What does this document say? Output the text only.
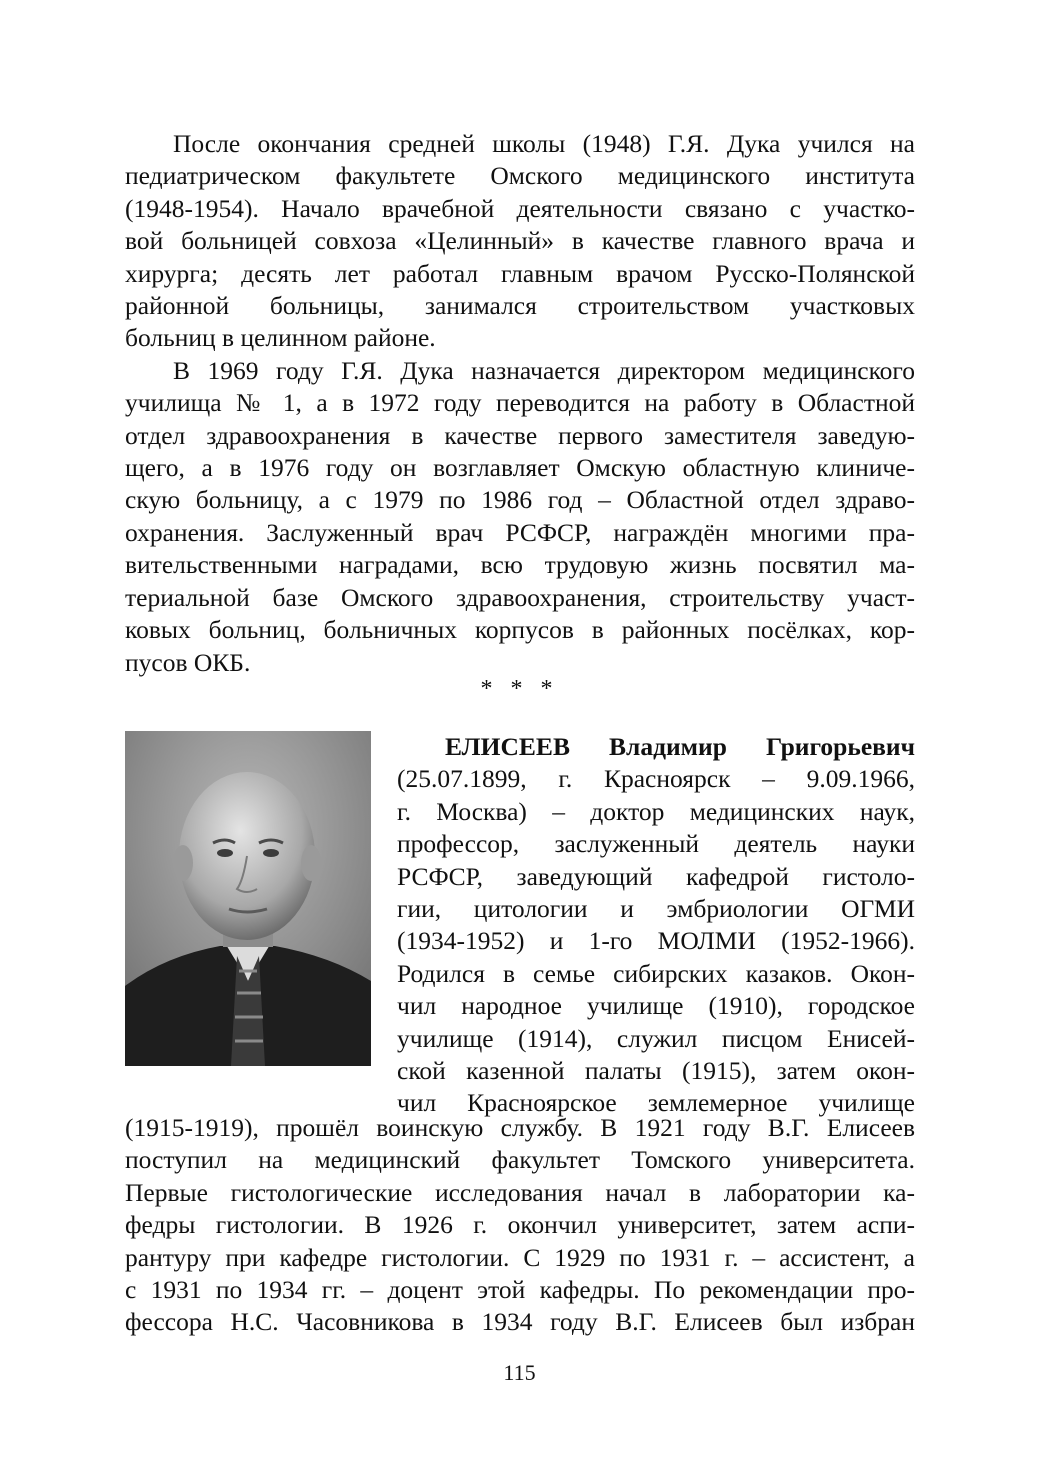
После окончания средней школы (1948) Г.Я. Дука учился на
педиатрическом факультете Омского медицинского института
(1948-1954). Начало врачебной деятельности связано с участко-
вой больницей совхоза «Целинный» в качестве главного врача и
хирурга; десять лет работал главным врачом Русско-Полянской
районной больницы, занимался строительством участковых
больниц в целинном районе.
В 1969 году Г.Я. Дука назначается директором медицинского
училища № 1, а в 1972 году переводится на работу в Областной
отдел здравоохранения в качестве первого заместителя заведую-
щего, а в 1976 году он возглавляет Омскую областную клиниче-
скую больницу, а с 1979 по 1986 год – Областной отдел здраво-
охранения. Заслуженный врач РСФСР, награждён многими пра-
вительственными наградами, всю трудовую жизнь посвятил ма-
териальной базе Омского здравоохранения, строительству участ-
ковых больниц, больничных корпусов в районных посёлках, кор-
пусов ОКБ.
* * *
ЕЛИСЕЕВ Владимир Григорьевич
(25.07.1899, г. Красноярск – 9.09.1966,
г. Москва) – доктор медицинских наук,
профессор, заслуженный деятель науки
РСФСР, заведующий кафедрой гистоло-
гии, цитологии и эмбриологии ОГМИ
(1934-1952) и 1-го МОЛМИ (1952-1966).
Родился в семье сибирских казаков. Окон-
чил народное училище (1910), городское
училище (1914), служил писцом Енисей-
ской казенной палаты (1915), затем окон-
чил Красноярское землемерное училище
(1915-1919), прошёл воинскую службу. В 1921 году В.Г. Елисеев
поступил на медицинский факультет Томского университета.
Первые гистологические исследования начал в лаборатории ка-
федры гистологии. В 1926 г. окончил университет, затем аспи-
рантуру при кафедре гистологии. С 1929 по 1931 г. – ассистент, а
с 1931 по 1934 гг. – доцент этой кафедры. По рекомендации про-
фессора Н.С. Часовникова в 1934 году В.Г. Елисеев был избран
115
